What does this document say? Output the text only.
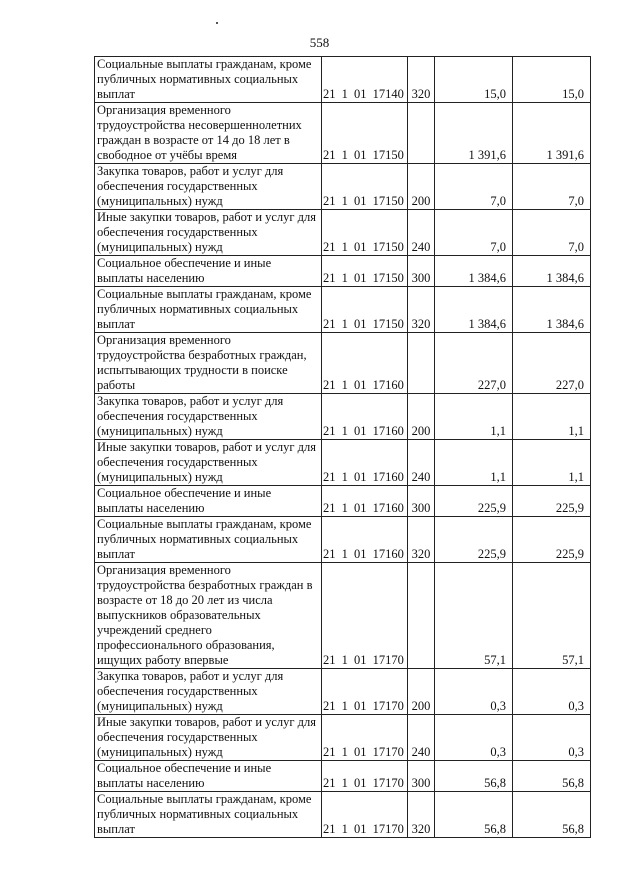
558
Социальные выплаты гражданам, кроме публичных нормативных социальных выплат	21 1 01 17140	320	15,0	15,0
Организация временного трудоустройства несовершеннолетних граждан в возрасте от 14 до 18 лет в свободное от учёбы время	21 1 01 17150		1 391,6	1 391,6
Закупка товаров, работ и услуг для обеспечения государственных (муниципальных) нужд	21 1 01 17150	200	7,0	7,0
Иные закупки товаров, работ и услуг для обеспечения государственных (муниципальных) нужд	21 1 01 17150	240	7,0	7,0
Социальное обеспечение и иные выплаты населению	21 1 01 17150	300	1 384,6	1 384,6
Социальные выплаты гражданам, кроме публичных нормативных социальных выплат	21 1 01 17150	320	1 384,6	1 384,6
Организация временного трудоустройства безработных граждан, испытывающих трудности в поиске работы	21 1 01 17160		227,0	227,0
Закупка товаров, работ и услуг для обеспечения государственных (муниципальных) нужд	21 1 01 17160	200	1,1	1,1
Иные закупки товаров, работ и услуг для обеспечения государственных (муниципальных) нужд	21 1 01 17160	240	1,1	1,1
Социальное обеспечение и иные выплаты населению	21 1 01 17160	300	225,9	225,9
Социальные выплаты гражданам, кроме публичных нормативных социальных выплат	21 1 01 17160	320	225,9	225,9
Организация временного трудоустройства безработных граждан в возрасте от 18 до 20 лет из числа выпускников образовательных учреждений среднего профессионального образования, ищущих работу впервые	21 1 01 17170		57,1	57,1
Закупка товаров, работ и услуг для обеспечения государственных (муниципальных) нужд	21 1 01 17170	200	0,3	0,3
Иные закупки товаров, работ и услуг для обеспечения государственных (муниципальных) нужд	21 1 01 17170	240	0,3	0,3
Социальное обеспечение и иные выплаты населению	21 1 01 17170	300	56,8	56,8
Социальные выплаты гражданам, кроме публичных нормативных социальных выплат	21 1 01 17170	320	56,8	56,8
